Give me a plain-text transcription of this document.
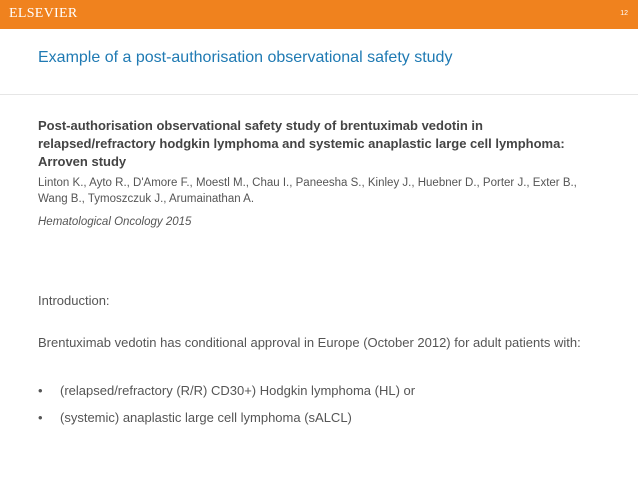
ELSEVIER	12
Example of a post-authorisation observational safety study
Post-authorisation observational safety study of brentuximab vedotin in relapsed/refractory hodgkin lymphoma and systemic anaplastic large cell lymphoma: Arroven study
Linton K., Ayto R., D'Amore F., Moestl M., Chau I., Paneesha S., Kinley J., Huebner D., Porter J., Exter B., Wang B., Tymoszczuk J., Arumainathan A.
Hematological Oncology 2015
Introduction:
Brentuximab vedotin has conditional approval in Europe (October 2012) for adult patients with:
• (relapsed/refractory (R/R) CD30+) Hodgkin lymphoma (HL) or
• (systemic) anaplastic large cell lymphoma (sALCL)
